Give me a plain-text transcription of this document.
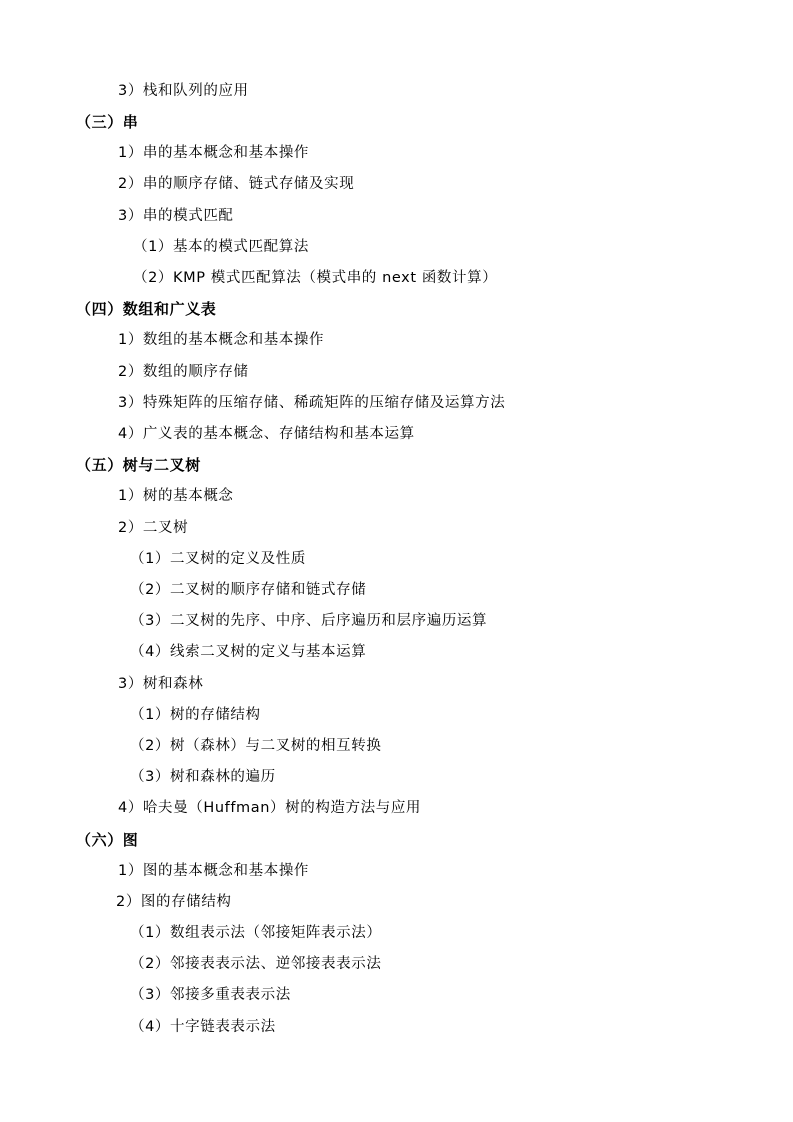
3）栈和队列的应用
（三）串
1）串的基本概念和基本操作
2）串的顺序存储、链式存储及实现
3）串的模式匹配
（1）基本的模式匹配算法
（2）KMP 模式匹配算法（模式串的 next 函数计算）
（四）数组和广义表
1）数组的基本概念和基本操作
2）数组的顺序存储
3）特殊矩阵的压缩存储、稀疏矩阵的压缩存储及运算方法
4）广义表的基本概念、存储结构和基本运算
（五）树与二叉树
1）树的基本概念
2）二叉树
（1）二叉树的定义及性质
（2）二叉树的顺序存储和链式存储
（3）二叉树的先序、中序、后序遍历和层序遍历运算
（4）线索二叉树的定义与基本运算
3）树和森林
（1）树的存储结构
（2）树（森林）与二叉树的相互转换
（3）树和森林的遍历
4）哈夫曼（Huffman）树的构造方法与应用
（六）图
1）图的基本概念和基本操作
2）图的存储结构
（1）数组表示法（邻接矩阵表示法）
（2）邻接表表示法、逆邻接表表示法
（3）邻接多重表表示法
（4）十字链表表示法
